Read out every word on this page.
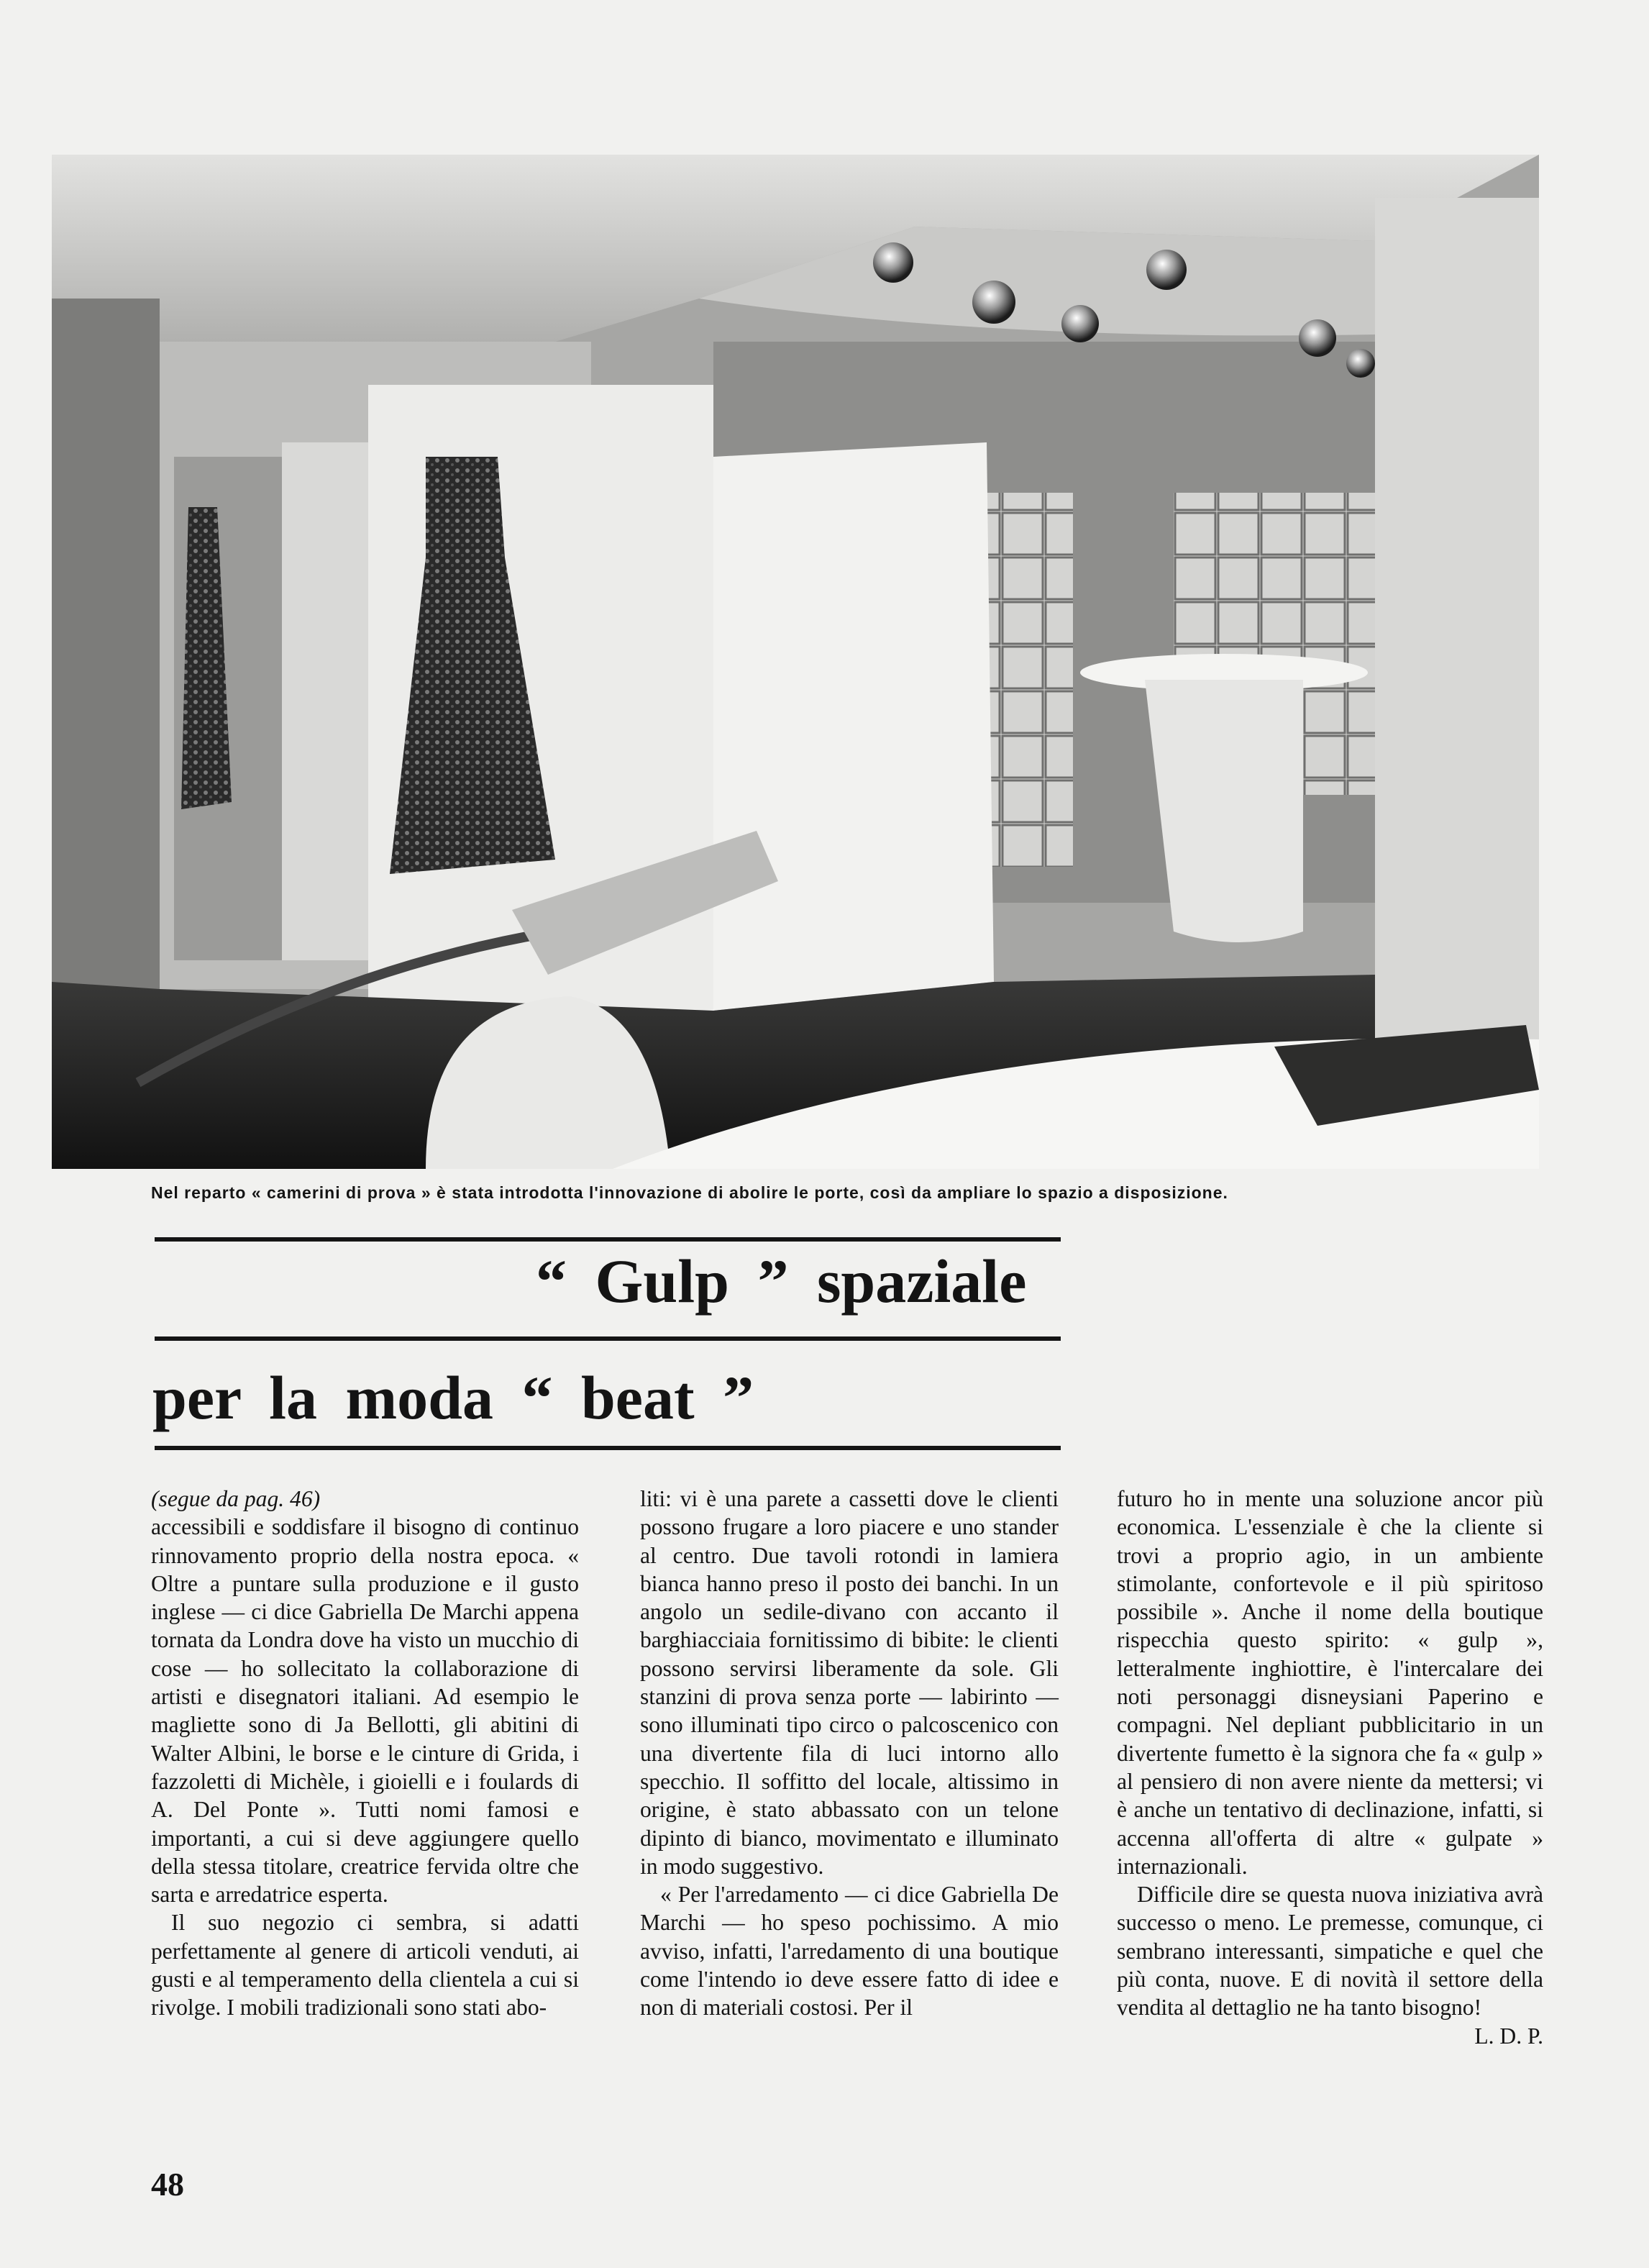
Nel reparto « camerini di prova » è stata introdotta l'innovazione di abolire le porte, così da ampliare lo spazio a disposizione.
“ Gulp ” spaziale
per la moda “ beat ”

(segue da pag. 46)

accessibili e soddisfare il bisogno di continuo rinnovamento proprio della nostra epoca. « Oltre a puntare sulla produzione e il gusto inglese — ci dice Gabriella De Marchi appena tornata da Londra dove ha visto un mucchio di cose — ho sollecitato la collaborazione di artisti e disegnatori italiani. Ad esempio le magliette sono di Ja Bellotti, gli abitini di Walter Albini, le borse e le cinture di Grida, i fazzoletti di Michèle, i gioielli e i foulards di A. Del Ponte ». Tutti nomi famosi e importanti, a cui si deve aggiungere quello della stessa titolare, creatrice fervida oltre che sarta e arredatrice esperta.

Il suo negozio ci sembra, si adatti perfettamente al genere di articoli venduti, ai gusti e al temperamento della clientela a cui si rivolge. I mobili tradizionali sono stati abo-

liti: vi è una parete a cassetti dove le clienti possono frugare a loro piacere e uno stander al centro. Due tavoli rotondi in lamiera bianca hanno preso il posto dei banchi. In un angolo un sedile-divano con accanto il barghiacciaia fornitissimo di bibite: le clienti possono servirsi liberamente da sole. Gli stanzini di prova senza porte — labirinto — sono illuminati tipo circo o palcoscenico con una divertente fila di luci intorno allo specchio. Il soffitto del locale, altissimo in origine, è stato abbassato con un telone dipinto di bianco, movimentato e illuminato in modo suggestivo.

« Per l'arredamento — ci dice Gabriella De Marchi — ho speso pochissimo. A mio avviso, infatti, l'arredamento di una boutique come l'intendo io deve essere fatto di idee e non di materiali costosi. Per il

futuro ho in mente una soluzione ancor più economica. L'essenziale è che la cliente si trovi a proprio agio, in un ambiente stimolante, confortevole e il più spiritoso possibile ». Anche il nome della boutique rispecchia questo spirito: « gulp », letteralmente inghiottire, è l'intercalare dei noti personaggi disneysiani Paperino e compagni. Nel depliant pubblicitario in un divertente fumetto è la signora che fa « gulp » al pensiero di non avere niente da mettersi; vi è anche un tentativo di declinazione, infatti, si accenna all'offerta di altre « gulpate » internazionali.

Difficile dire se questa nuova iniziativa avrà successo o meno. Le premesse, comunque, ci sembrano interessanti, simpatiche e quel che più conta, nuove. E di novità il settore della vendita al dettaglio ne ha tanto bisogno!

L. D. P.

48
